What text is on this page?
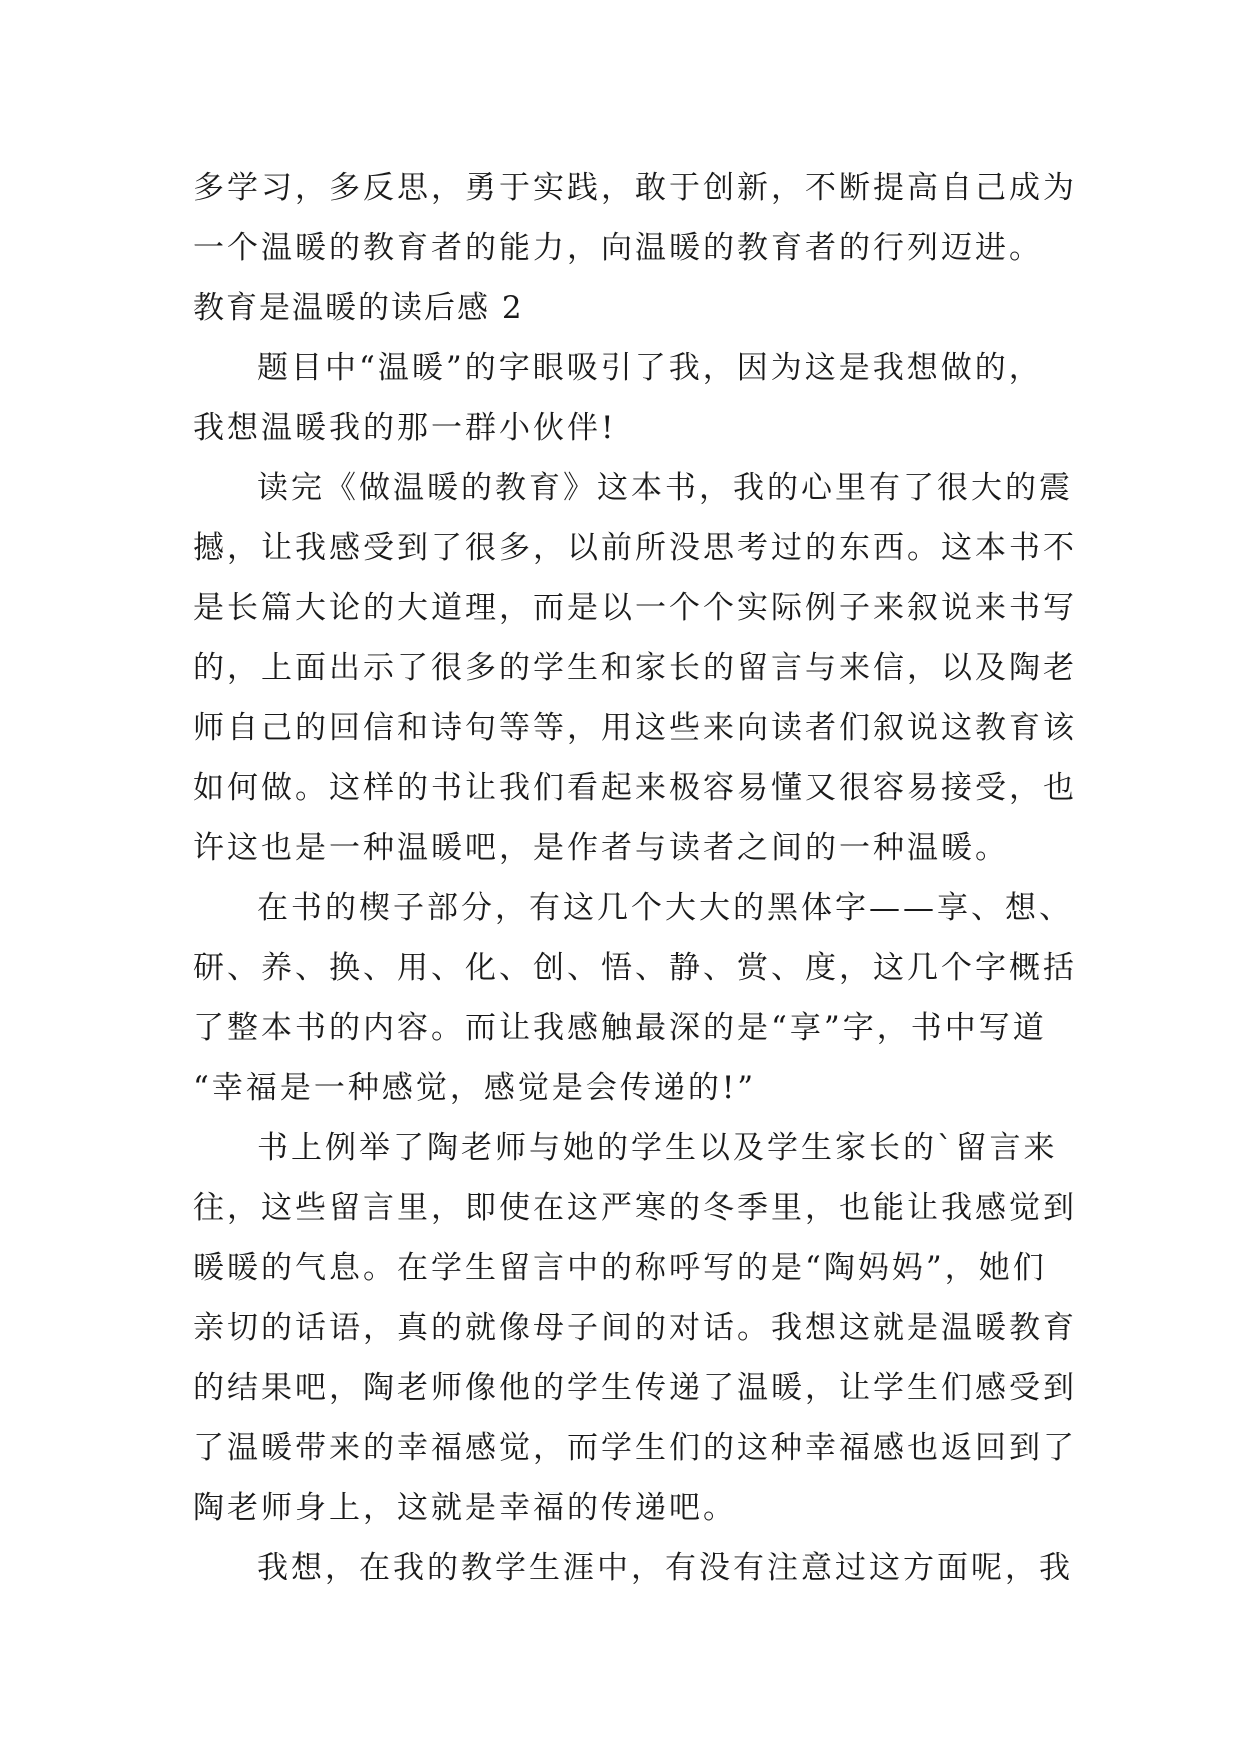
多学习，多反思，勇于实践，敢于创新，不断提高自己成为
一个温暖的教育者的能力，向温暖的教育者的行列迈进。
教育是温暖的读后感 2
题目中“温暖”的字眼吸引了我，因为这是我想做的，
我想温暖我的那一群小伙伴!
读完《做温暖的教育》这本书，我的心里有了很大的震
撼，让我感受到了很多，以前所没思考过的东西。这本书不
是长篇大论的大道理，而是以一个个实际例子来叙说来书写
的，上面出示了很多的学生和家长的留言与来信，以及陶老
师自己的回信和诗句等等，用这些来向读者们叙说这教育该
如何做。这样的书让我们看起来极容易懂又很容易接受，也
许这也是一种温暖吧，是作者与读者之间的一种温暖。
在书的楔子部分，有这几个大大的黑体字——享、想、
研、养、换、用、化、创、悟、静、赏、度，这几个字概括
了整本书的内容。而让我感触最深的是“享”字，书中写道
“幸福是一种感觉，感觉是会传递的!”
书上例举了陶老师与她的学生以及学生家长的`留言来
往，这些留言里，即使在这严寒的冬季里，也能让我感觉到
暖暖的气息。在学生留言中的称呼写的是“陶妈妈”，她们
亲切的话语，真的就像母子间的对话。我想这就是温暖教育
的结果吧，陶老师像他的学生传递了温暖，让学生们感受到
了温暖带来的幸福感觉，而学生们的这种幸福感也返回到了
陶老师身上，这就是幸福的传递吧。
我想，在我的教学生涯中，有没有注意过这方面呢，我
